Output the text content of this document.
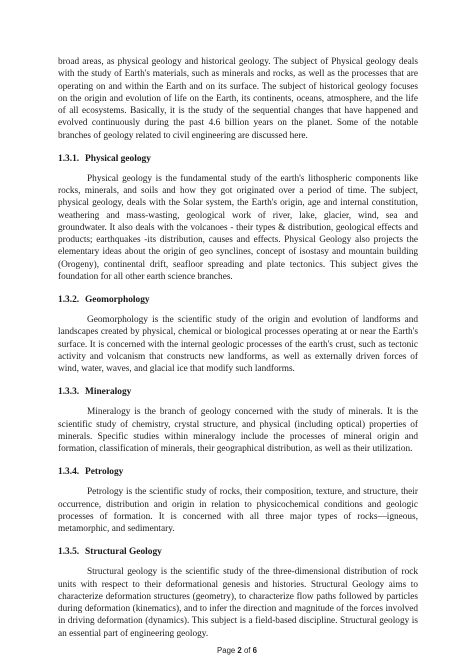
broad areas, as physical geology and historical geology. The subject of Physical geology deals with the study of Earth's materials, such as minerals and rocks, as well as the processes that are operating on and within the Earth and on its surface. The subject of historical geology focuses on the origin and evolution of life on the Earth, its continents, oceans, atmosphere, and the life of all ecosystems. Basically, it is the study of the sequential changes that have happened and evolved continuously during the past 4.6 billion years on the planet. Some of the notable branches of geology related to civil engineering are discussed here.

1.3.1. Physical geology

Physical geology is the fundamental study of the earth's lithospheric components like rocks, minerals, and soils and how they got originated over a period of time. The subject, physical geology, deals with the Solar system, the Earth's origin, age and internal constitution, weathering and mass-wasting, geological work of river, lake, glacier, wind, sea and groundwater. It also deals with the volcanoes - their types & distribution, geological effects and products; earthquakes -its distribution, causes and effects. Physical Geology also projects the elementary ideas about the origin of geo synclines, concept of isostasy and mountain building (Orogeny), continental drift, seafloor spreading and plate tectonics. This subject gives the foundation for all other earth science branches.

1.3.2. Geomorphology

Geomorphology is the scientific study of the origin and evolution of landforms and landscapes created by physical, chemical or biological processes operating at or near the Earth's surface. It is concerned with the internal geologic processes of the earth's crust, such as tectonic activity and volcanism that constructs new landforms, as well as externally driven forces of wind, water, waves, and glacial ice that modify such landforms.

1.3.3. Mineralogy

Mineralogy is the branch of geology concerned with the study of minerals. It is the scientific study of chemistry, crystal structure, and physical (including optical) properties of minerals. Specific studies within mineralogy include the processes of mineral origin and formation, classification of minerals, their geographical distribution, as well as their utilization.

1.3.4. Petrology

Petrology is the scientific study of rocks, their composition, texture, and structure, their occurrence, distribution and origin in relation to physicochemical conditions and geologic processes of formation. It is concerned with all three major types of rocks—igneous, metamorphic, and sedimentary.

1.3.5. Structural Geology

Structural geology is the scientific study of the three-dimensional distribution of rock units with respect to their deformational genesis and histories. Structural Geology aims to characterize deformation structures (geometry), to characterize flow paths followed by particles during deformation (kinematics), and to infer the direction and magnitude of the forces involved in driving deformation (dynamics). This subject is a field-based discipline. Structural geology is an essential part of engineering geology.

Page 2 of 6
